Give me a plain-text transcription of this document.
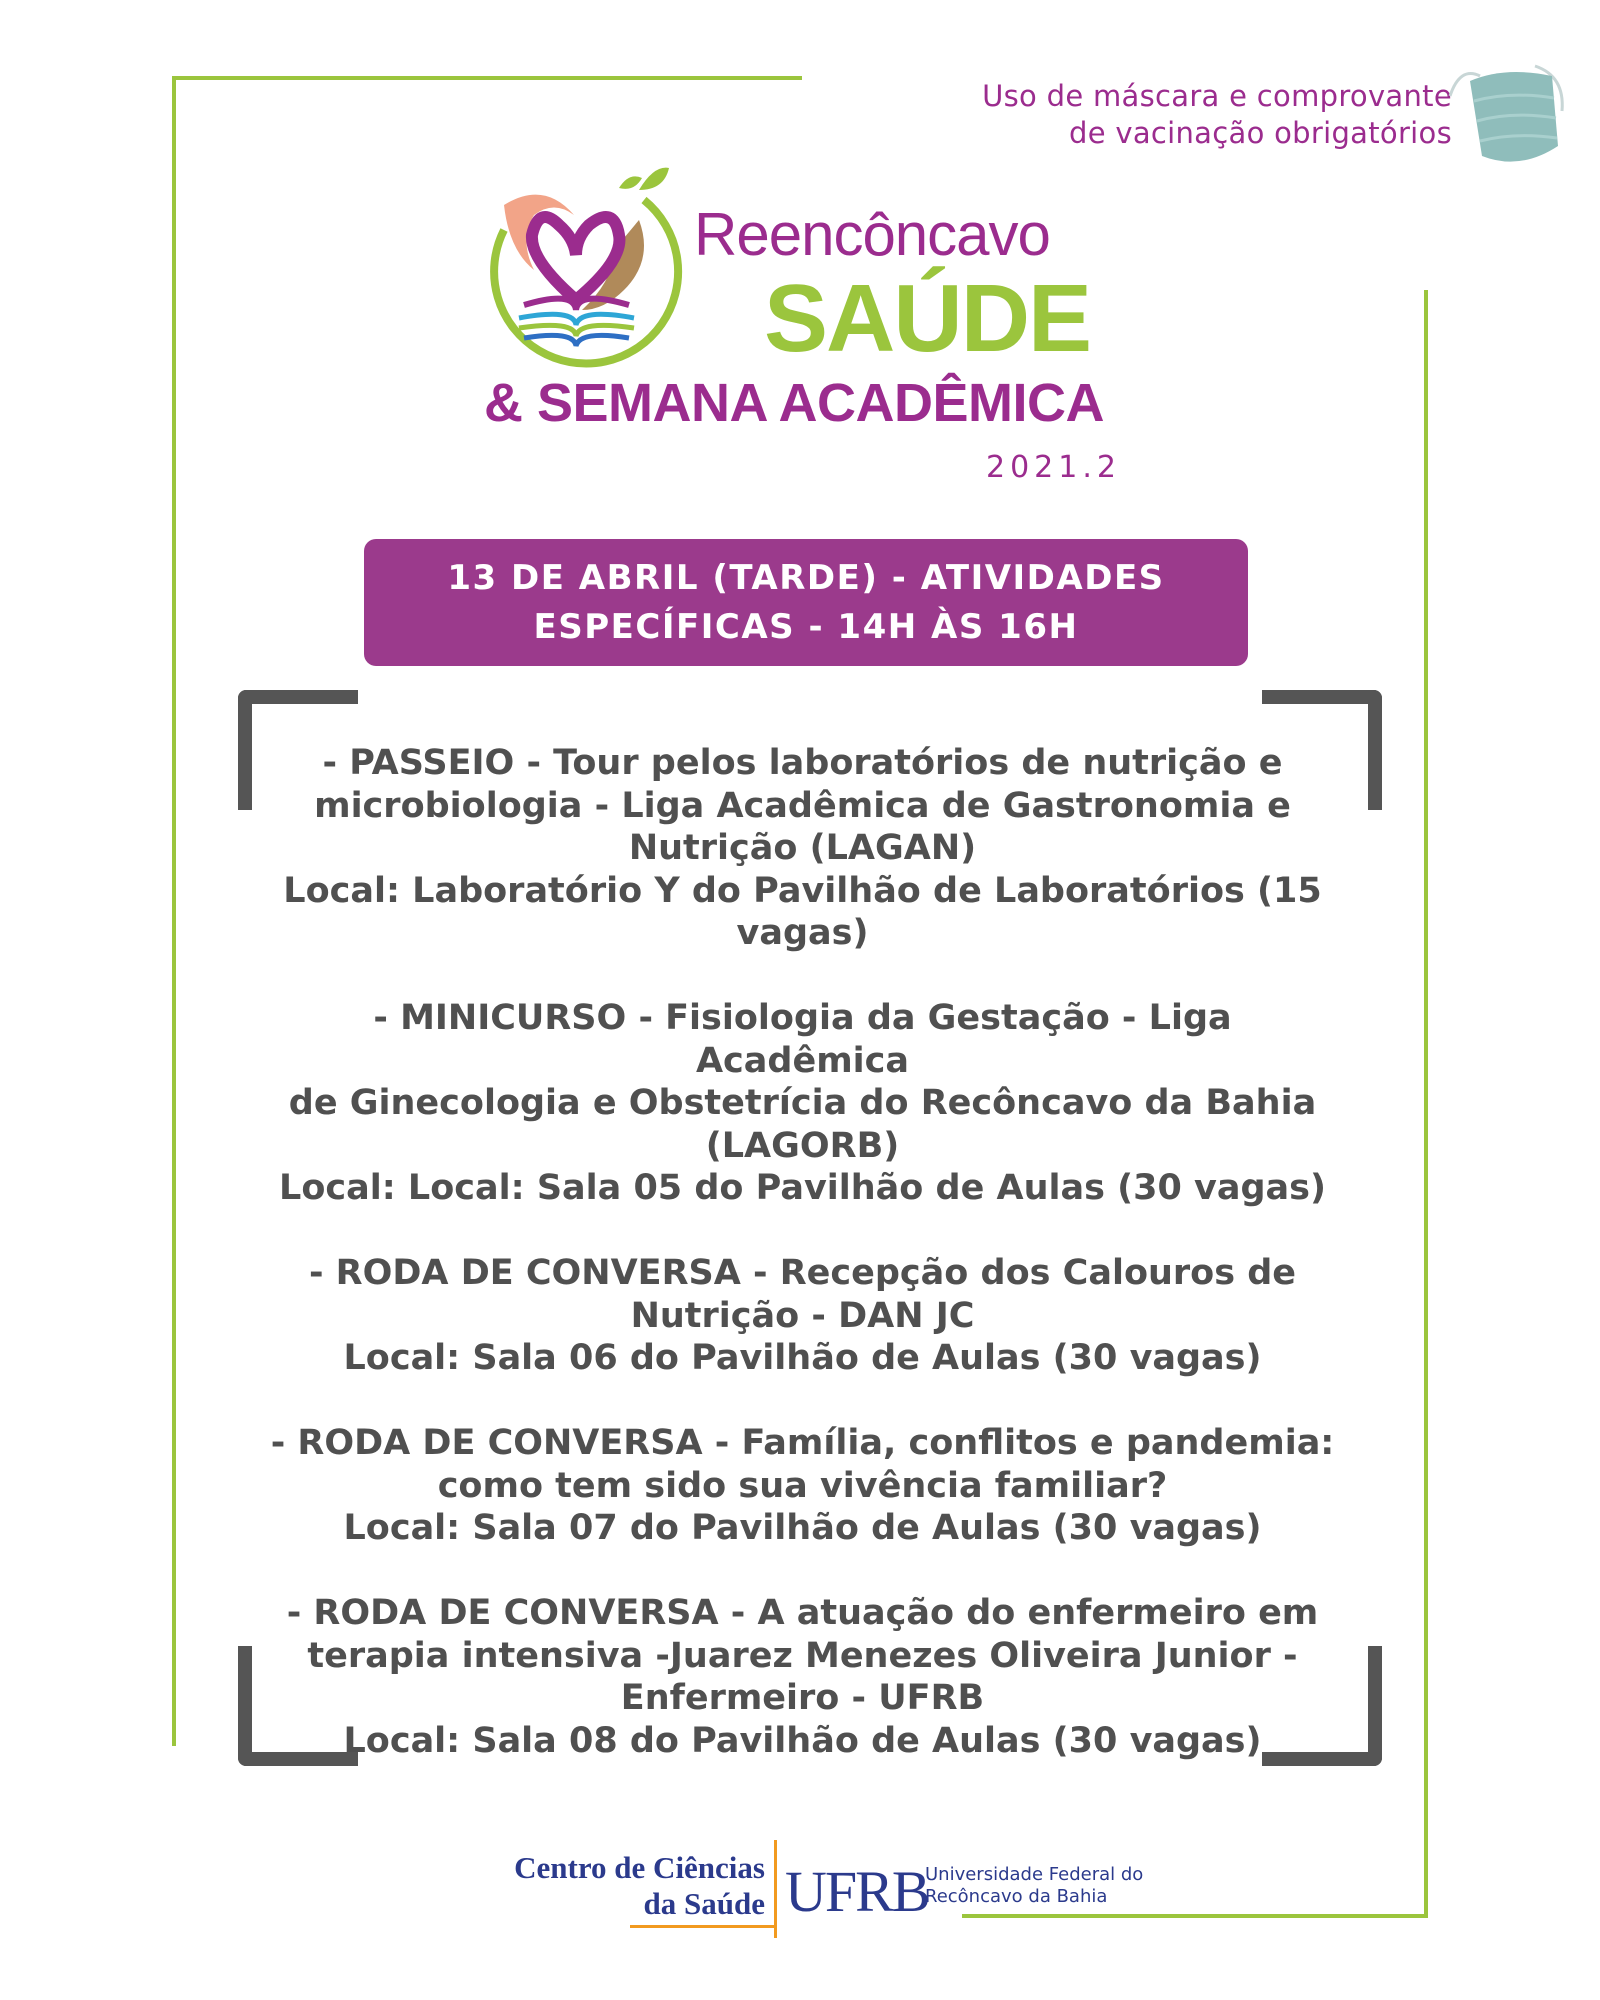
Uso de máscara e comprovante
de vacinação obrigatórios
Reencôncavo
SAÚDE
& SEMANA ACADÊMICA
2021.2
13 DE ABRIL (TARDE) - ATIVIDADES
ESPECÍFICAS - 14H ÀS 16H
- PASSEIO - Tour pelos laboratórios de nutrição e
microbiologia - Liga Acadêmica de Gastronomia e
Nutrição (LAGAN)
Local: Laboratório Y do Pavilhão de Laboratórios (15
vagas)
- MINICURSO - Fisiologia da Gestação - Liga Acadêmica
de Ginecologia e Obstetrícia do Recôncavo da Bahia
(LAGORB)
Local: Local: Sala 05 do Pavilhão de Aulas (30 vagas)
- RODA DE CONVERSA - Recepção dos Calouros de
Nutrição - DAN JC
Local: Sala 06 do Pavilhão de Aulas (30 vagas)
- RODA DE CONVERSA - Família, conflitos e pandemia:
como tem sido sua vivência familiar?
Local: Sala 07 do Pavilhão de Aulas (30 vagas)
- RODA DE CONVERSA - A atuação do enfermeiro em
terapia intensiva -Juarez Menezes Oliveira Junior -
Enfermeiro - UFRB
Local: Sala 08 do Pavilhão de Aulas (30 vagas)
Centro de Ciências
da Saúde UFRB
Universidade Federal do
Recôncavo da Bahia
